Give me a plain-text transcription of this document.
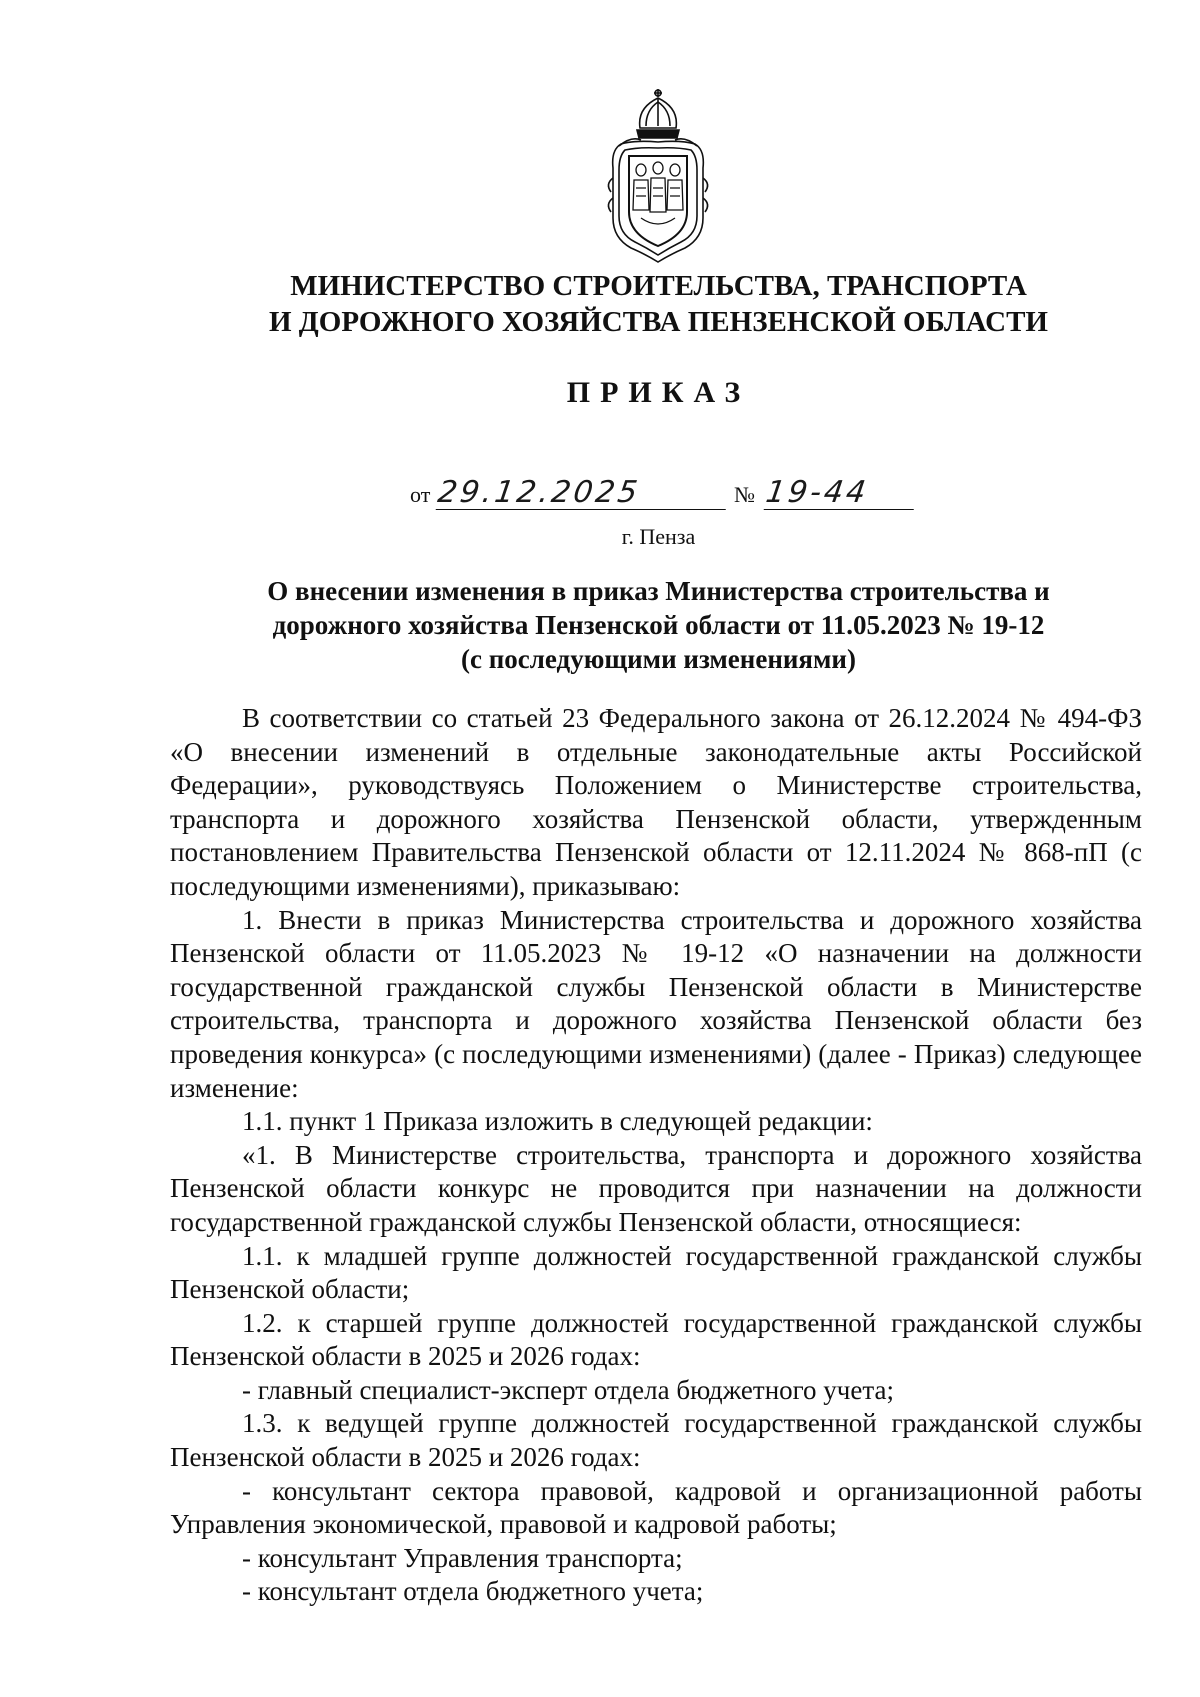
МИНИСТЕРСТВО СТРОИТЕЛЬСТВА, ТРАНСПОРТА
И ДОРОЖНОГО ХОЗЯЙСТВА ПЕНЗЕНСКОЙ ОБЛАСТИ
ПРИКАЗ
от 29.12.2025	№ 19-44
г. Пенза
О внесении изменения в приказ Министерства строительства и
дорожного хозяйства Пензенской области от 11.05.2023 № 19-12
(с последующими изменениями)

В соответствии со статьей 23 Федерального закона от 26.12.2024 № 494-ФЗ «О внесении изменений в отдельные законодательные акты Российской Федерации», руководствуясь Положением о Министерстве строительства, транспорта и дорожного хозяйства Пензенской области, утвержденным постановлением Правительства Пензенской области от 12.11.2024 № 868-пП (с последующими изменениями), приказываю:

1. Внести в приказ Министерства строительства и дорожного хозяйства Пензенской области от 11.05.2023 № 19-12 «О назначении на должности государственной гражданской службы Пензенской области в Министерстве строительства, транспорта и дорожного хозяйства Пензенской области без проведения конкурса» (с последующими изменениями) (далее - Приказ) следующее изменение:

1.1. пункт 1 Приказа изложить в следующей редакции:

«1. В Министерстве строительства, транспорта и дорожного хозяйства Пензенской области конкурс не проводится при назначении на должности государственной гражданской службы Пензенской области, относящиеся:

1.1. к младшей группе должностей государственной гражданской службы Пензенской области;

1.2. к старшей группе должностей государственной гражданской службы Пензенской области в 2025 и 2026 годах:

- главный специалист-эксперт отдела бюджетного учета;

1.3. к ведущей группе должностей государственной гражданской службы Пензенской области в 2025 и 2026 годах:

- консультант сектора правовой, кадровой и организационной работы Управления экономической, правовой и кадровой работы;

- консультант Управления транспорта;

- консультант отдела бюджетного учета;
